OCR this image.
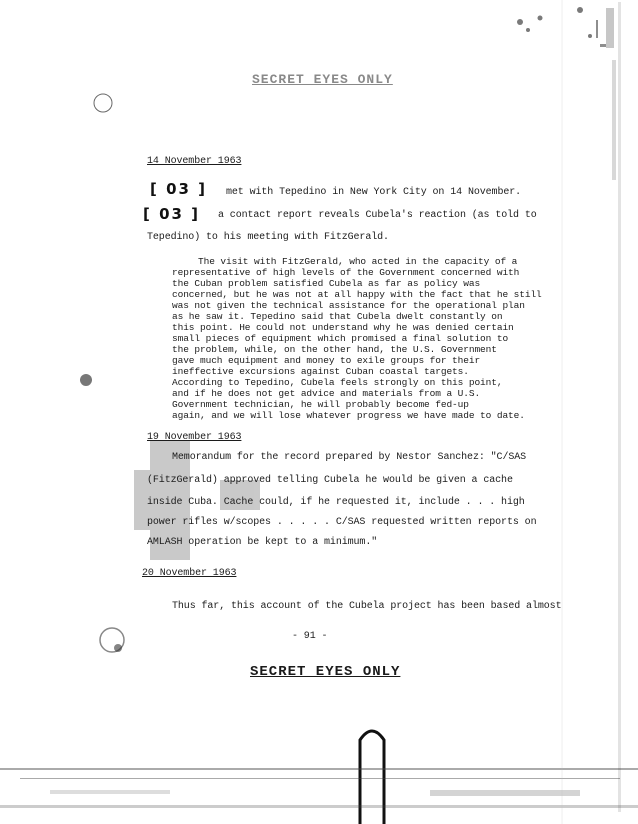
SECRET EYES ONLY
14 November 1963
[ 03 ] met with Tepedino in New York City on 14 November.
[ 03 ] a contact report reveals Cubela's reaction (as told to
Tepedino) to his meeting with FitzGerald.
The visit with FitzGerald, who acted in the capacity of a
representative of high levels of the Government concerned with
the Cuban problem satisfied Cubela as far as policy was
concerned, but he was not at all happy with the fact that he still
was not given the technical assistance for the operational plan
as he saw it. Tepedino said that Cubela dwelt constantly on
this point. He could not understand why he was denied certain
small pieces of equipment which promised a final solution to
the problem, while, on the other hand, the U.S. Government
gave much equipment and money to exile groups for their
ineffective excursions against Cuban coastal targets.
According to Tepedino, Cubela feels strongly on this point,
and if he does not get advice and materials from a U.S.
Government technician, he will probably become fed-up
again, and we will lose whatever progress we have made to date.
19 November 1963
Memorandum for the record prepared by Nestor Sanchez: "C/SAS
(FitzGerald) approved telling Cubela he would be given a cache
inside Cuba. Cache could, if he requested it, include . . . high
power rifles w/scopes . . . . . C/SAS requested written reports on
AMLASH operation be kept to a minimum."
20 November 1963
Thus far, this account of the Cubela project has been based almost
- 91 -
SECRET EYES ONLY
